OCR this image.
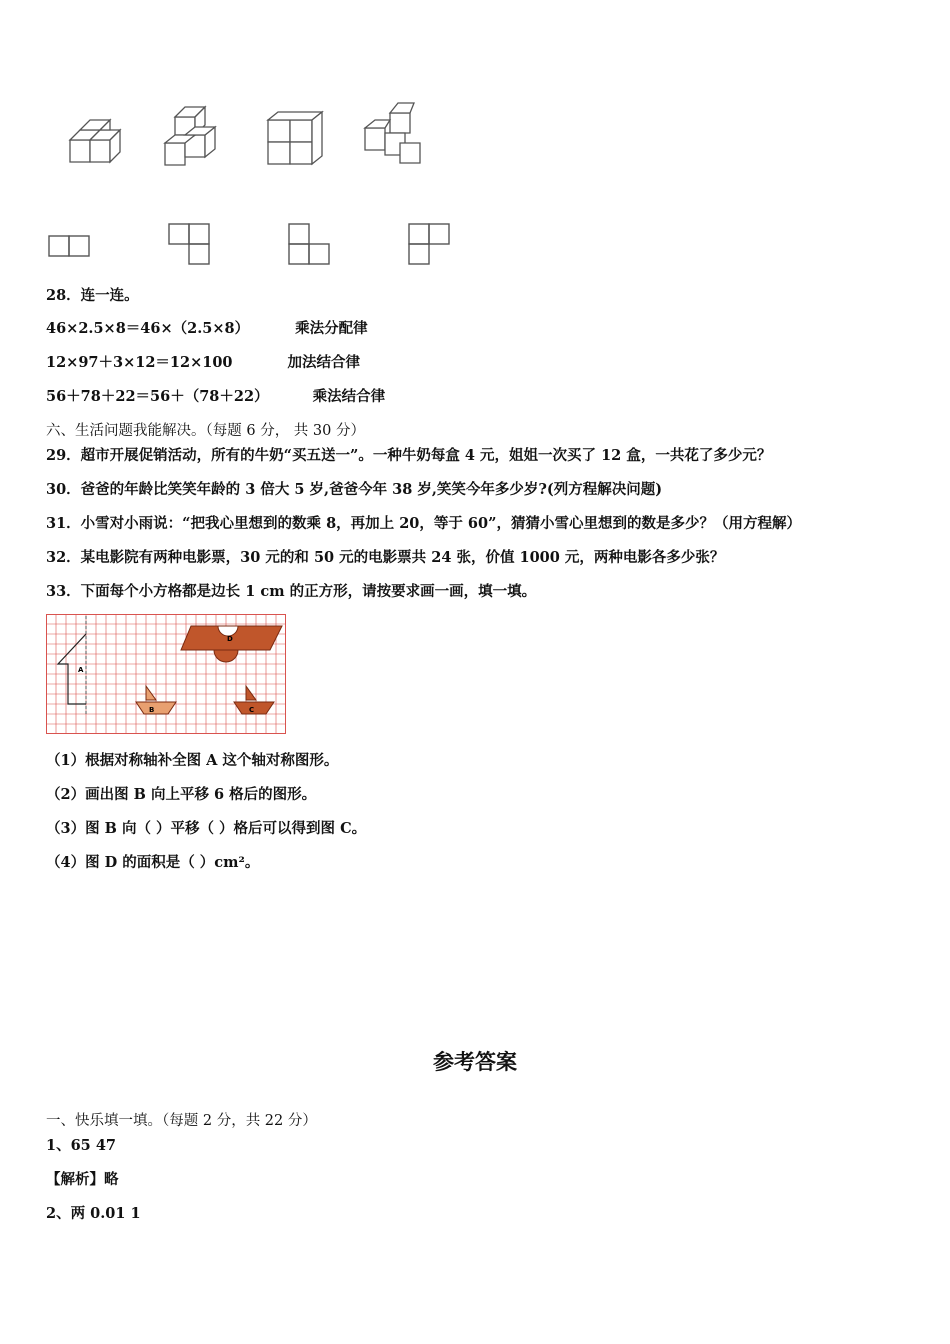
28．连一连。
46×2.5×8＝46×（2.5×8）	乘法分配律
12×97＋3×12＝12×100	加法结合律
56＋78＋22＝56＋（78＋22）	乘法结合律
六、生活问题我能解决。（每题 6 分， 共 30 分）
29．超市开展促销活动，所有的牛奶“买五送一”。一种牛奶每盒 4 元，姐姐一次买了 12 盒，一共花了多少元？
30．爸爸的年龄比笑笑年龄的 3 倍大 5 岁,爸爸今年 38 岁,笑笑今年多少岁?(列方程解决问题)
31．小雪对小雨说：“把我心里想到的数乘 8，再加上 20，等于 60”，猜猜小雪心里想到的数是多少？（用方程解）
32．某电影院有两种电影票，30 元的和 50 元的电影票共 24 张，价值 1000 元，两种电影各多少张？
33．下面每个小方格都是边长 1 cm 的正方形，请按要求画一画，填一填。
A
D
B	C
（1）根据对称轴补全图 A 这个轴对称图形。
（2）画出图 B 向上平移 6 格后的图形。
（3）图 B 向（ ）平移（ ）格后可以得到图 C。
（4）图 D 的面积是（ ）cm²。
参考答案
一、快乐填一填。（每题 2 分，共 22 分）
1、65 47
【解析】略
2、两 0.01 1
